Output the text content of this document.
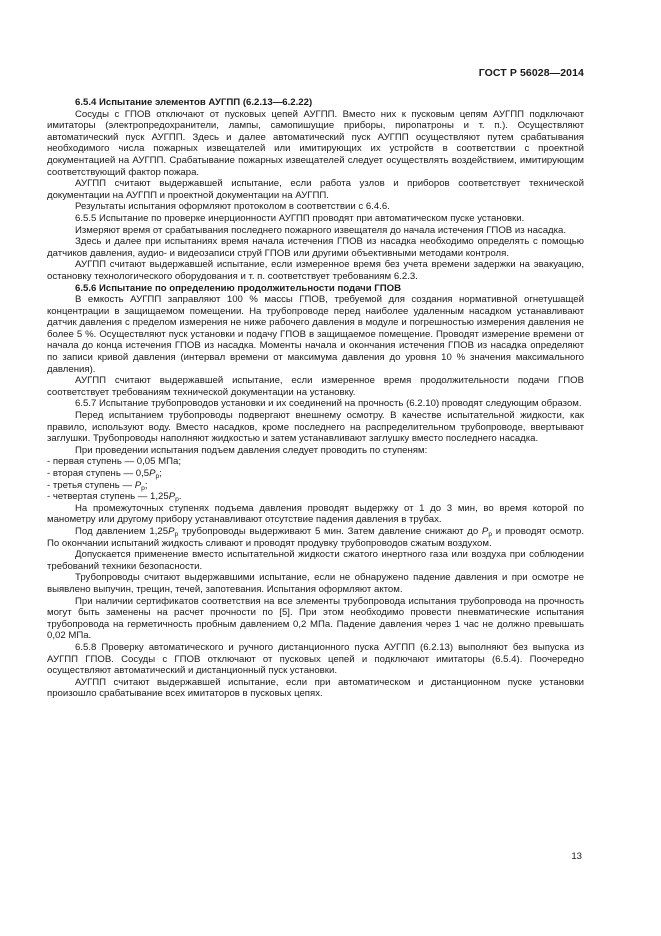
ГОСТ Р 56028—2014

6.5.4 Испытание элементов АУГПП (6.2.13—6.2.22)

Сосуды с ГПОВ отключают от пусковых цепей АУГПП. Вместо них к пусковым цепям АУГПП подключают имитаторы (электропредохранители, лампы, самопишущие приборы, пиропатроны и т. п.). Осуществляют автоматический пуск АУГПП. Здесь и далее автоматический пуск АУГПП осуществляют путем срабатывания необходимого числа пожарных извещателей или имитирующих их устройств в соответствии с проектной документацией на АУГПП. Срабатывание пожарных извещателей следует осуществлять воздействием, имитирующим соответствующий фактор пожара.

АУГПП считают выдержавшей испытание, если работа узлов и приборов соответствует технической документации на АУГПП и проектной документации на АУГПП.

Результаты испытания оформляют протоколом в соответствии с 6.4.6.

6.5.5 Испытание по проверке инерционности АУГПП проводят при автоматическом пуске установки.

Измеряют время от срабатывания последнего пожарного извещателя до начала истечения ГПОВ из насадка.

Здесь и далее при испытаниях время начала истечения ГПОВ из насадка необходимо определять с помощью датчиков давления, аудио- и видеозаписи струй ГПОВ или другими объективными методами контроля.

АУГПП считают выдержавшей испытание, если измеренное время без учета времени задержки на эвакуацию, остановку технологического оборудования и т. п. соответствует требованиям 6.2.3.

6.5.6 Испытание по определению продолжительности подачи ГПОВ

В емкость АУГПП заправляют 100 % массы ГПОВ, требуемой для создания нормативной огнетушащей концентрации в защищаемом помещении. На трубопроводе перед наиболее удаленным насадком устанавливают датчик давления с пределом измерения не ниже рабочего давления в модуле и погрешностью измерения давления не более 5 %. Осуществляют пуск установки и подачу ГПОВ в защищаемое помещение. Проводят измерение времени от начала до конца истечения ГПОВ из насадка. Моменты начала и окончания истечения ГПОВ из насадка определяют по записи кривой давления (интервал времени от максимума давления до уровня 10 % значения максимального давления).

АУГПП считают выдержавшей испытание, если измеренное время продолжительности подачи ГПОВ соответствует требованиям технической документации на установку.

6.5.7 Испытание трубопроводов установки и их соединений на прочность (6.2.10) проводят следующим образом.

Перед испытанием трубопроводы подвергают внешнему осмотру. В качестве испытательной жидкости, как правило, используют воду. Вместо насадков, кроме последнего на распределительном трубопроводе, ввертывают заглушки. Трубопроводы наполняют жидкостью и затем устанавливают заглушку вместо последнего насадка.

При проведении испытания подъем давления следует проводить по ступеням:

- первая ступень — 0,05 МПа;

- вторая ступень — $0,5P_р$;

- третья ступень — $P_р$;

- четвертая ступень — $1,25P_р$.

На промежуточных ступенях подъема давления проводят выдержку от 1 до 3 мин, во время которой по манометру или другому прибору устанавливают отсутствие падения давления в трубах.

Под давлением $1,25P_р$ трубопроводы выдерживают 5 мин. Затем давление снижают до $P_р$ и проводят осмотр. По окончании испытаний жидкость сливают и проводят продувку трубопроводов сжатым воздухом.

Допускается применение вместо испытательной жидкости сжатого инертного газа или воздуха при соблюдении требований техники безопасности.

Трубопроводы считают выдержавшими испытание, если не обнаружено падение давления и при осмотре не выявлено выпучин, трещин, течей, запотевания. Испытания оформляют актом.

При наличии сертификатов соответствия на все элементы трубопровода испытания трубопровода на прочность могут быть заменены на расчет прочности по [5]. При этом необходимо провести пневматические испытания трубопровода на герметичность пробным давлением 0,2 МПа. Падение давления через 1 час не должно превышать 0,02 МПа.

6.5.8 Проверку автоматического и ручного дистанционного пуска АУГПП (6.2.13) выполняют без выпуска из АУГПП ГПОВ. Сосуды с ГПОВ отключают от пусковых цепей и подключают имитаторы (6.5.4). Поочередно осуществляют автоматический и дистанционный пуск установки.

АУГПП считают выдержавшей испытание, если при автоматическом и дистанционном пуске установки произошло срабатывание всех имитаторов в пусковых цепях.

13
